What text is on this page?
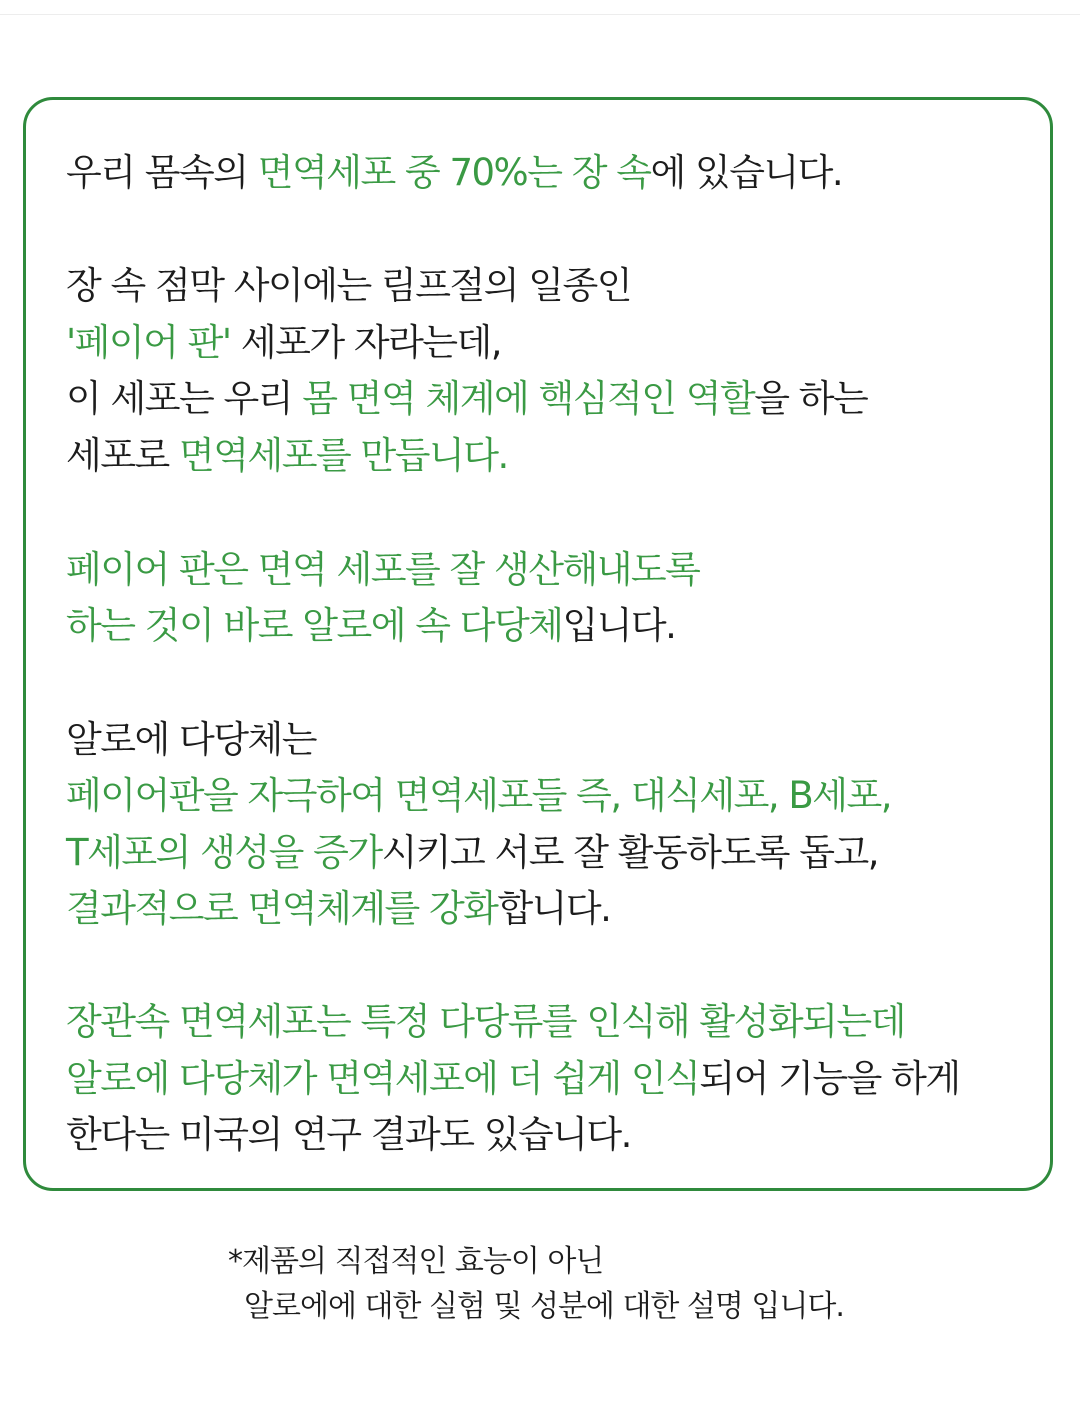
우리 몸속의 면역세포 중 70%는 장 속에 있습니다.

장 속 점막 사이에는 림프절의 일종인

'페이어 판' 세포가 자라는데,

이 세포는 우리 몸 면역 체계에 핵심적인 역할을 하는

세포로 면역세포를 만듭니다.

페이어 판은 면역 세포를 잘 생산해내도록

하는 것이 바로 알로에 속 다당체입니다.

알로에 다당체는

페이어판을 자극하여 면역세포들 즉, 대식세포, B세포,

T세포의 생성을 증가시키고 서로 잘 활동하도록 돕고,

결과적으로 면역체계를 강화합니다.

장관속 면역세포는 특정 다당류를 인식해 활성화되는데

알로에 다당체가 면역세포에 더 쉽게 인식되어 기능을 하게

한다는 미국의 연구 결과도 있습니다.

*제품의 직접적인 효능이 아닌

알로에에 대한 실험 및 성분에 대한 설명 입니다.
